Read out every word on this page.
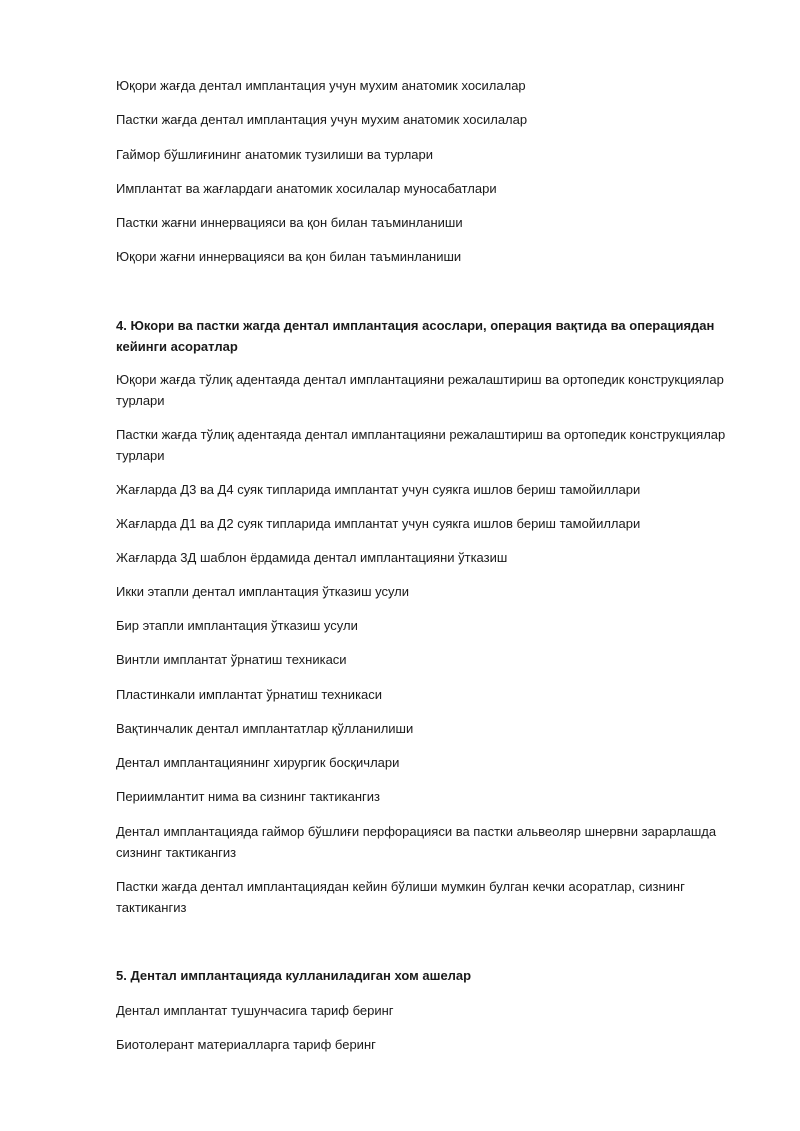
Юқори жағда дентал имплантация учун мухим анатомик хосилалар
Пастки жағда дентал имплантация учун мухим анатомик хосилалар
Гаймор бўшлиғининг анатомик тузилиши ва турлари
Имплантат ва жағлардаги анатомик хосилалар муносабатлари
Пастки жағни иннервацияси ва қон билан таъминланиши
Юқори жағни иннервацияси ва қон билан таъминланиши
4. Юкори ва пастки жагда дентал имплантация асослари, операция вақтида ва операциядан кейинги асоратлар
Юқори жағда тўлиқ адентаяда дентал имплантацияни режалаштириш ва ортопедик конструкциялар турлари
Пастки жағда тўлиқ адентаяда дентал имплантацияни режалаштириш ва ортопедик конструкциялар турлари
Жағларда Д3 ва Д4 суяк типларида имплантат учун суякга ишлов бериш тамойиллари
Жағларда Д1 ва Д2 суяк типларида имплантат учун суякга ишлов бериш тамойиллари
Жағларда 3Д шаблон ёрдамида дентал имплантацияни ўтказиш
Икки этапли дентал имплантация ўтказиш усули
Бир этапли имплантация ўтказиш усули
Винтли имплантат ўрнатиш техникаси
Пластинкали имплантат ўрнатиш техникаси
Вақтинчалик дентал имплантатлар қўлланилиши
Дентал имплантациянинг хирургик босқичлари
Периимлантит нима ва сизнинг тактикангиз
Дентал имплантацияда гаймор бўшлиғи перфорацияси ва пастки альвеоляр шнервни зарарлашда сизнинг тактикангиз
Пастки жағда дентал имплантациядан кейин бўлиши мумкин булган кечки асоратлар, сизнинг тактикангиз
5. Дентал имплантацияда кулланиладиган хом ашелар
Дентал имплантат тушунчасига тариф беринг
Биотолерант материалларга тариф беринг
